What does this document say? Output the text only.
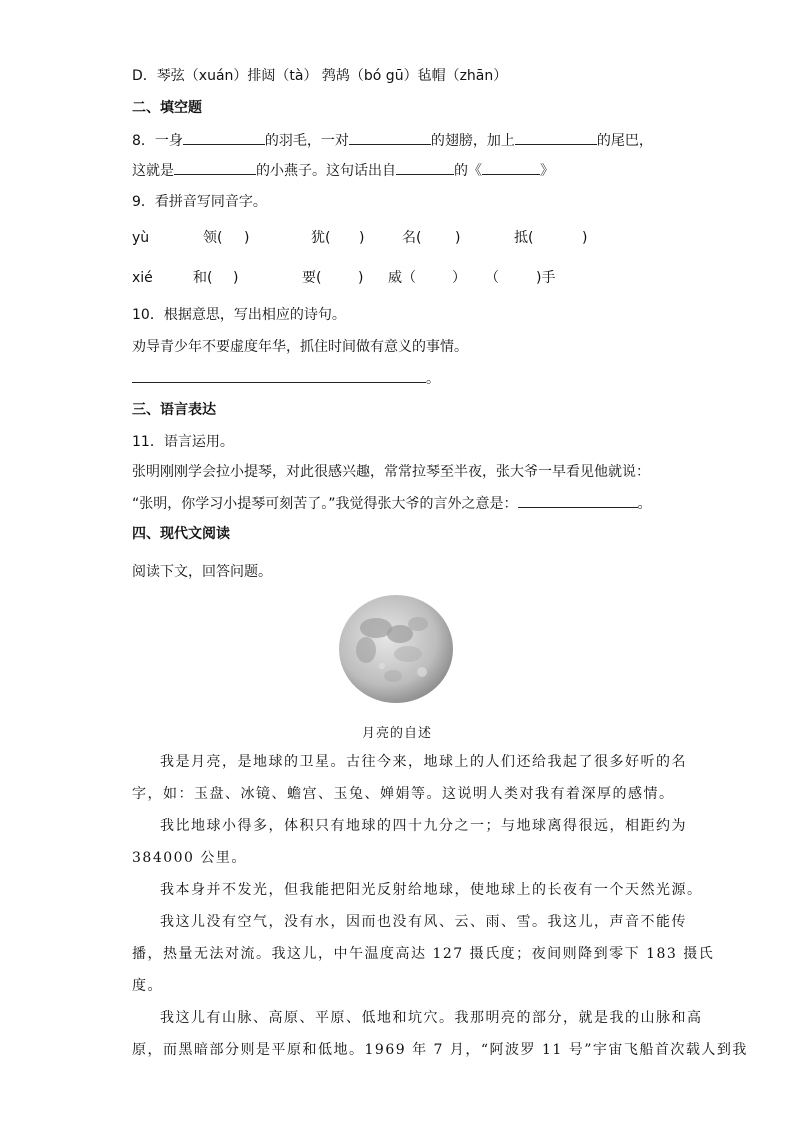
D．琴弦（xuán）排闼（tà） 鹁鸪（bó gū）毡帽（zhān）
二、填空题
8．一身	的羽毛，一对	的翅膀，加上	的尾巴，
这就是	的小燕子。这句话出自	的《	》
9．看拼音写同音字。
yù	领( )	犹( )	名( )	抵(	)
xié	和( )	要(	) 威（	） （	)手
10．根据意思，写出相应的诗句。
劝导青少年不要虚度年华，抓住时间做有意义的事情。
。
三、语言表达
11．语言运用。
张明刚刚学会拉小提琴，对此很感兴趣，常常拉琴至半夜，张大爷一早看见他就说：
“张明，你学习小提琴可刻苦了。”我觉得张大爷的言外之意是：	。
四、现代文阅读
阅读下文，回答问题。
月亮的自述
我是月亮，是地球的卫星。古往今来，地球上的人们还给我起了很多好听的名
字，如：玉盘、冰镜、蟾宫、玉兔、婵娟等。这说明人类对我有着深厚的感情。
我比地球小得多，体积只有地球的四十九分之一；与地球离得很远，相距约为
384000 公里。
我本身并不发光，但我能把阳光反射给地球，使地球上的长夜有一个天然光源。
我这儿没有空气，没有水，因而也没有风、云、雨、雪。我这儿，声音不能传
播，热量无法对流。我这儿，中午温度高达 127 摄氏度；夜间则降到零下 183 摄氏
度。
我这儿有山脉、高原、平原、低地和坑穴。我那明亮的部分，就是我的山脉和高
原，而黑暗部分则是平原和低地。1969 年 7 月，“阿波罗 11 号”宇宙飞船首次载人到我
